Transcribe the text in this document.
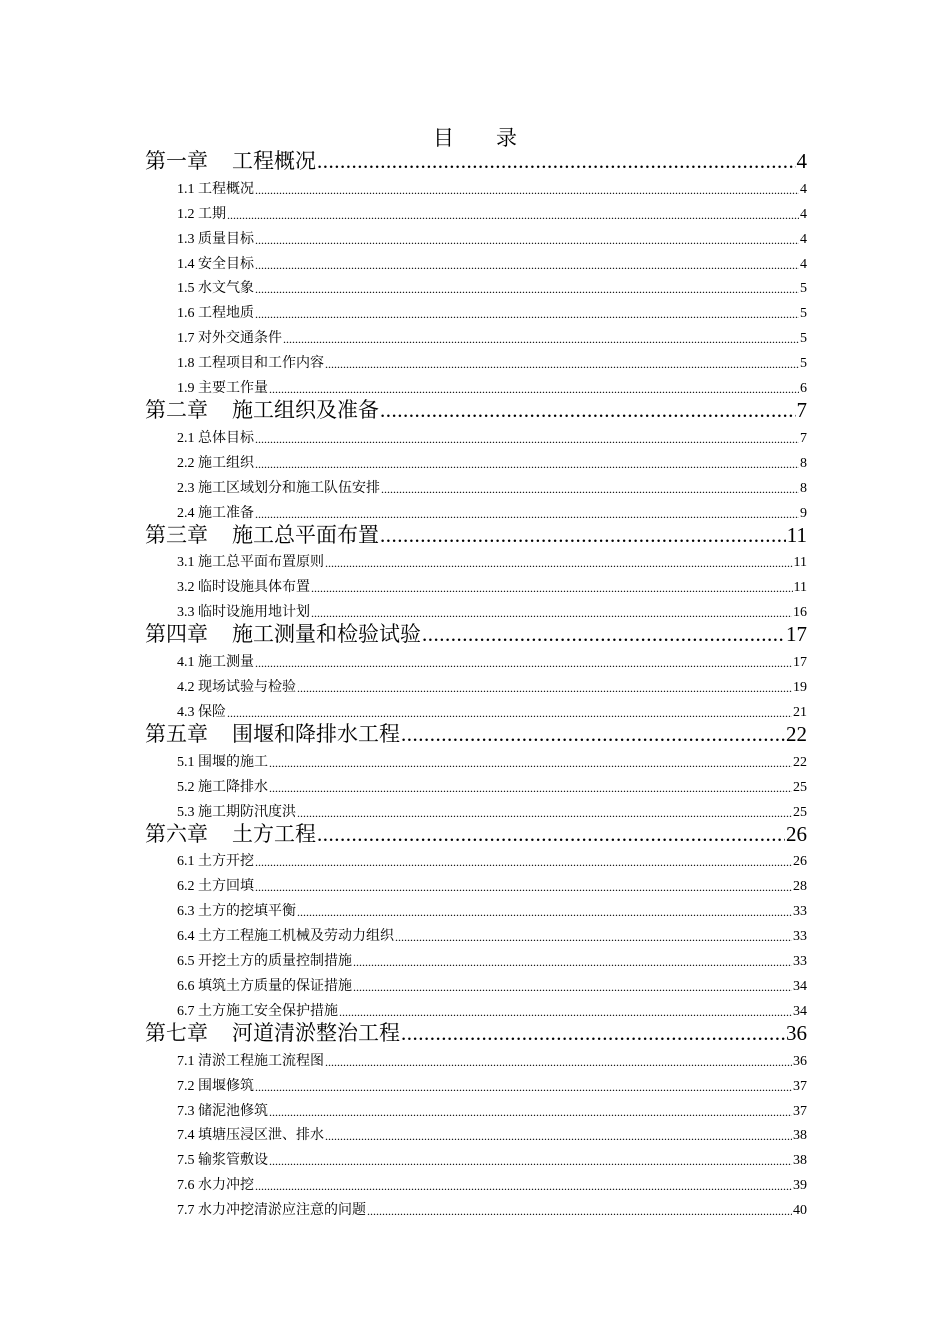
目 录
第一章 工程概况 .....	4
1.1 工程概况 .....	4
1.2 工期 .....	4
1.3 质量目标 .....	4
1.4 安全目标 .....	4
1.5 水文气象 .....	5
1.6 工程地质 .....	5
1.7 对外交通条件 .....	5
1.8 工程项目和工作内容 .....	5
1.9 主要工作量 .....	6
第二章 施工组织及准备 .....	7
2.1 总体目标 .....	7
2.2 施工组织 .....	8
2.3 施工区域划分和施工队伍安排 .....	8
2.4 施工准备 .....	9
第三章 施工总平面布置 .....	11
3.1 施工总平面布置原则 .....	11
3.2 临时设施具体布置 .....	11
3.3 临时设施用地计划 .....	16
第四章 施工测量和检验试验 .....	17
4.1 施工测量 .....	17
4.2 现场试验与检验 .....	19
4.3 保险 .....	21
第五章 围堰和降排水工程 .....	22
5.1 围堰的施工 .....	22
5.2 施工降排水 .....	25
5.3 施工期防汛度洪 .....	25
第六章 土方工程 .....	26
6.1 土方开挖 .....	26
6.2 土方回填 .....	28
6.3 土方的挖填平衡 .....	33
6.4 土方工程施工机械及劳动力组织 .....	33
6.5 开挖土方的质量控制措施 .....	33
6.6 填筑土方质量的保证措施 .....	34
6.7 土方施工安全保护措施 .....	34
第七章 河道清淤整治工程 .....	36
7.1 清淤工程施工流程图 .....	36
7.2 围堰修筑 .....	37
7.3 储泥池修筑 .....	37
7.4 填塘压浸区泄、排水 .....	38
7.5 输浆管敷设 .....	38
7.6 水力冲挖 .....	39
7.7 水力冲挖清淤应注意的问题 .....	40
